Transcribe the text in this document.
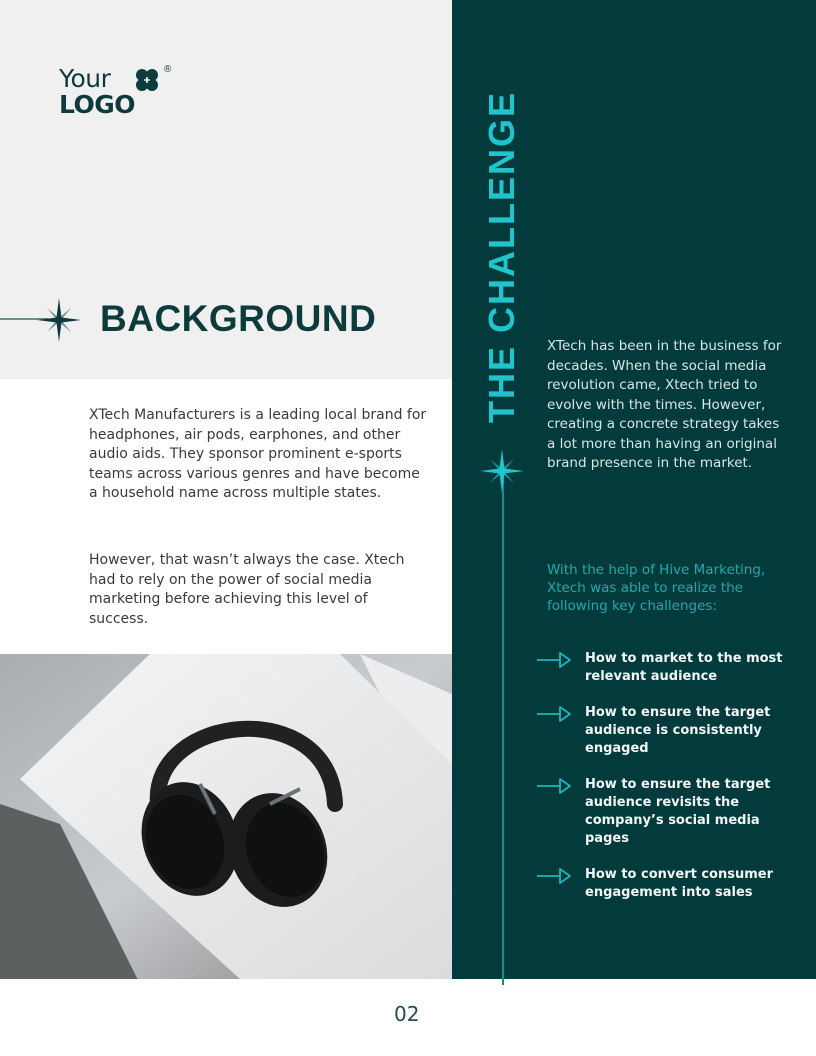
Your	®
LOGO
BACKGROUND

XTech Manufacturers is a leading local brand for headphones, air pods, earphones, and other audio aids. They sponsor prominent e-sports teams across various genres and have become a household name across multiple states.

However, that wasn’t always the case. Xtech had to rely on the power of social media marketing before achieving this level of success.

THE CHALLENGE XTech has been in the business for decades. When the social media revolution came, Xtech tried to evolve with the times. However, creating a concrete strategy takes a lot more than having an original brand presence in the market.

With the help of Hive Marketing, Xtech was able to realize the following key challenges:

How to market to the most relevant audience
How to ensure the target audience is consistently engaged
How to ensure the target audience revisits the company’s social media pages
How to convert consumer engagement into sales
02
